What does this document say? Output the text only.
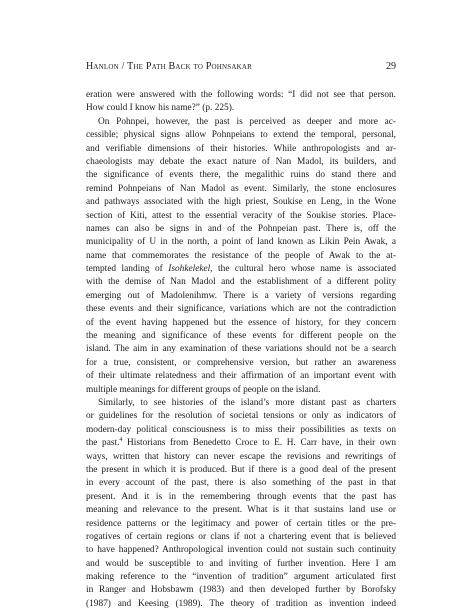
Hanlon / The Path Back to Pohnsakar	29

eration were answered with the following words: “I did not see that person.
How could I know his name?” (p. 225).
On Pohnpei, however, the past is perceived as deeper and more ac-
cessible; physical signs allow Pohnpeians to extend the temporal, personal,
and verifiable dimensions of their histories. While anthropologists and ar-
chaeologists may debate the exact nature of Nan Madol, its builders, and
the significance of events there, the megalithic ruins do stand there and
remind Pohnpeians of Nan Madol as event. Similarly, the stone enclosures
and pathways associated with the high priest, Soukise en Leng, in the Wone
section of Kiti, attest to the essential veracity of the Soukise stories. Place-
names can also be signs in and of the Pohnpeian past. There is, off the
municipality of U in the north, a point of land known as Likin Pein Awak, a
name that commemorates the resistance of the people of Awak to the at-
tempted landing of Isohkelekel, the cultural hero whose name is associated
with the demise of Nan Madol and the establishment of a different polity
emerging out of Madolenihmw. There is a variety of versions regarding
these events and their significance, variations which are not the contradiction
of the event having happened but the essence of history, for they concern
the meaning and significance of these events for different people on the
island. The aim in any examination of these variations should not be a search
for a true, consistent, or comprehensive version, but rather an awareness
of their ultimate relatedness and their affirmation of an important event with
multiple meanings for different groups of people on the island.
Similarly, to see histories of the island’s more distant past as charters
or guidelines for the resolution of societal tensions or only as indicators of
modern-day political consciousness is to miss their possibilities as texts on
the past.$^4$ Historians from Benedetto Croce to E. H. Carr have, in their own
ways, written that history can never escape the revisions and rewritings of
the present in which it is produced. But if there is a good deal of the present
in every account of the past, there is also something of the past in that
present. And it is in the remembering through events that the past has
meaning and relevance to the present. What is it that sustains land use or
residence patterns or the legitimacy and power of certain titles or the pre-
rogatives of certain regions or clans if not a chartering event that is believed
to have happened? Anthropological invention could not sustain such continuity
and would be susceptible to and inviting of further invention. Here I am
making reference to the “invention of tradition” argument articulated first
in Ranger and Hobsbawm (1983) and then developed further by Borofsky
(1987) and Keesing (1989). The theory of tradition as invention indeed
